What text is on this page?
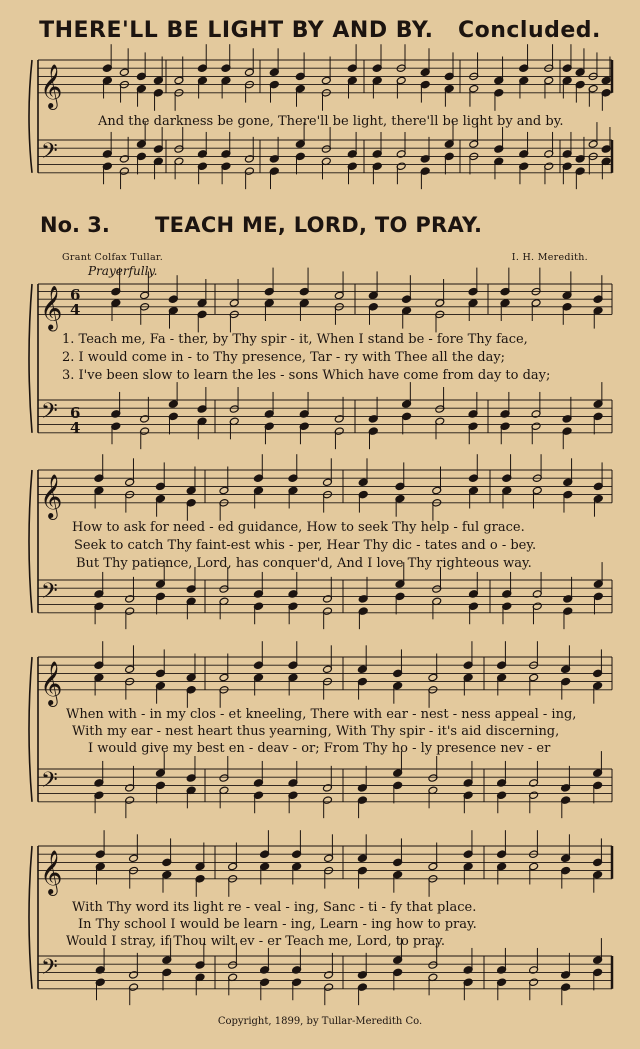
𝄞
𝄢
𝄞
𝄢
6
4
6
4
𝄞
𝄢
𝄞
𝄢
𝄞
𝄢
THERE'LL BE LIGHT BY AND BY. Concluded.
And the darkness be gone, There'll be light, there'll be light by and by.
No. 3. TEACH ME, LORD, TO PRAY.
Grant Colfax Tullar.	I. H. Meredith.
Prayerfully.
1. Teach me, Fa - ther, by Thy spir - it, When I stand be - fore Thy face,
2. I would come in - to Thy presence, Tar - ry with Thee all the day;
3. I've been slow to learn the les - sons Which have come from day to day;
How to ask for need - ed guidance, How to seek Thy help - ful grace.
Seek to catch Thy faint-est whis - per, Hear Thy dic - tates and o - bey.
But Thy patience, Lord, has conquer'd, And I love Thy righteous way.
When with - in my clos - et kneeling, There with ear - nest - ness appeal - ing,
With my ear - nest heart thus yearning, With Thy spir - it's aid discerning,
I would give my best en - deav - or; From Thy ho - ly presence nev - er
With Thy word its light re - veal - ing, Sanc - ti - fy that place.
In Thy school I would be learn - ing, Learn - ing how to pray.
Would I stray, if Thou wilt ev - er Teach me, Lord, to pray.
Copyright, 1899, by Tullar-Meredith Co.
